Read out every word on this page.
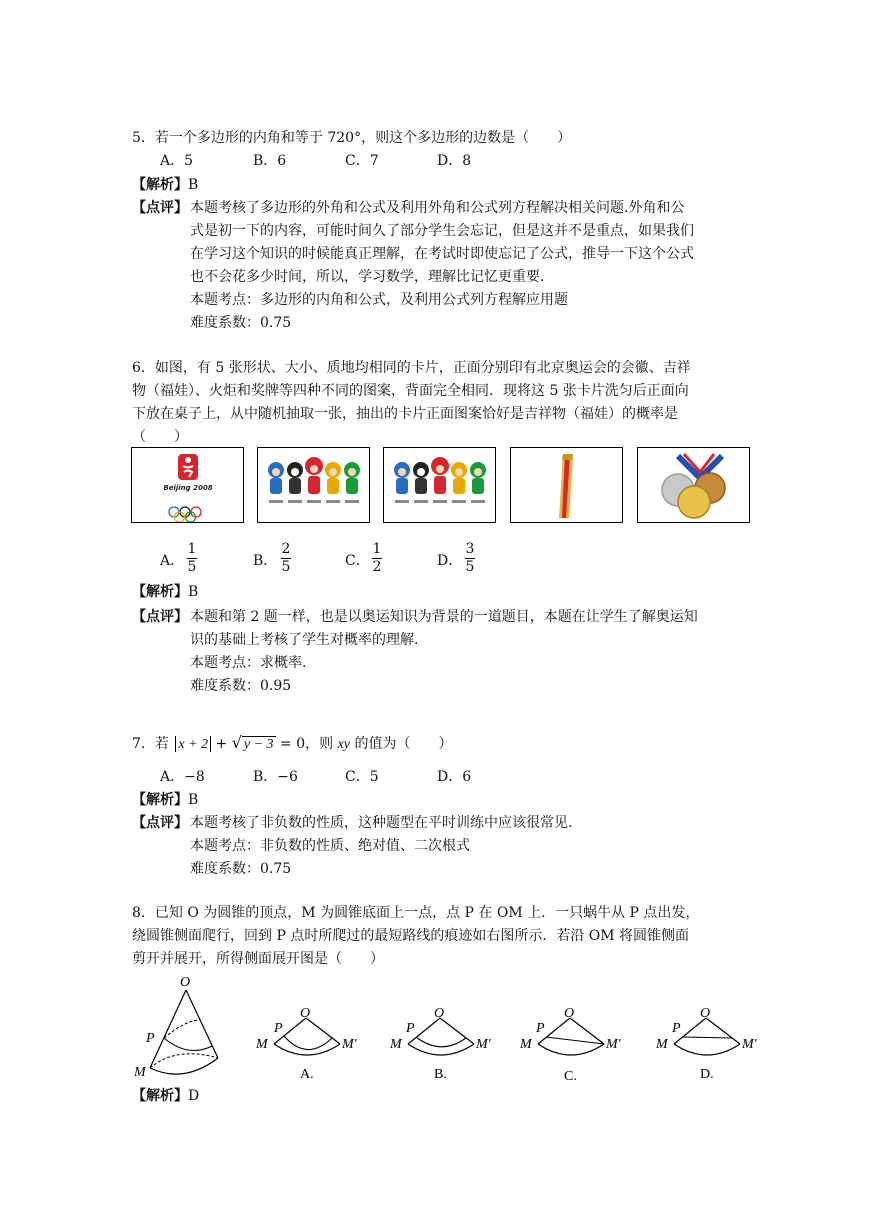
5．若一个多边形的内角和等于 720°，则这个多边形的边数是（　　）
A．5	B．6	C．7	D．8
【解析】B
【点评】 本题考核了多边形的外角和公式及利用外角和公式列方程解决相关问题.外角和公
式是初一下的内容，可能时间久了部分学生会忘记，但是这并不是重点，如果我们
在学习这个知识的时候能真正理解，在考试时即使忘记了公式，推导一下这个公式
也不会花多少时间，所以，学习数学，理解比记忆更重要.
本题考点：多边形的内角和公式，及利用公式列方程解应用题
难度系数：0.75
6．如图，有 5 张形状、大小、质地均相同的卡片，正面分别印有北京奥运会的会徽、吉祥
物（福娃）、火炬和奖牌等四种不同的图案，背面完全相同．现将这 5 张卡片洗匀后正面向
下放在桌子上，从中随机抽取一张，抽出的卡片正面图案恰好是吉祥物（福娃）的概率是
（　　）
Beijing 2008
A．
1
5	B．
2
5	C．
1
2	D．
3
5
【解析】B
【点评】 本题和第 2 题一样，也是以奥运知识为背景的一道题目，本题在让学生了解奥运知
识的基础上考核了学生对概率的理解.
本题考点：求概率.
难度系数：0.95
7．若 x + 2 + √ y − 3 = 0，则 xy 的值为（　　）
A．−8	B．−6	C．5	D．6
【解析】B
【点评】 本题考核了非负数的性质，这种题型在平时训练中应该很常见.
本题考点：非负数的性质、绝对值、二次根式
难度系数：0.75
8．已知 O 为圆锥的顶点，M 为圆锥底面上一点，点 P 在 OM 上．一只蜗牛从 P 点出发，
绕圆锥侧面爬行，回到 P 点时所爬过的最短路线的痕迹如右图所示．若沿 OM 将圆锥侧面
剪开并展开，所得侧面展开图是（　　）
O
P
M
O
P
M	M′
A.
O
P
M	M′
B.
O
P
M	M′
C.
O
P
M	M′
D.
【解析】D
